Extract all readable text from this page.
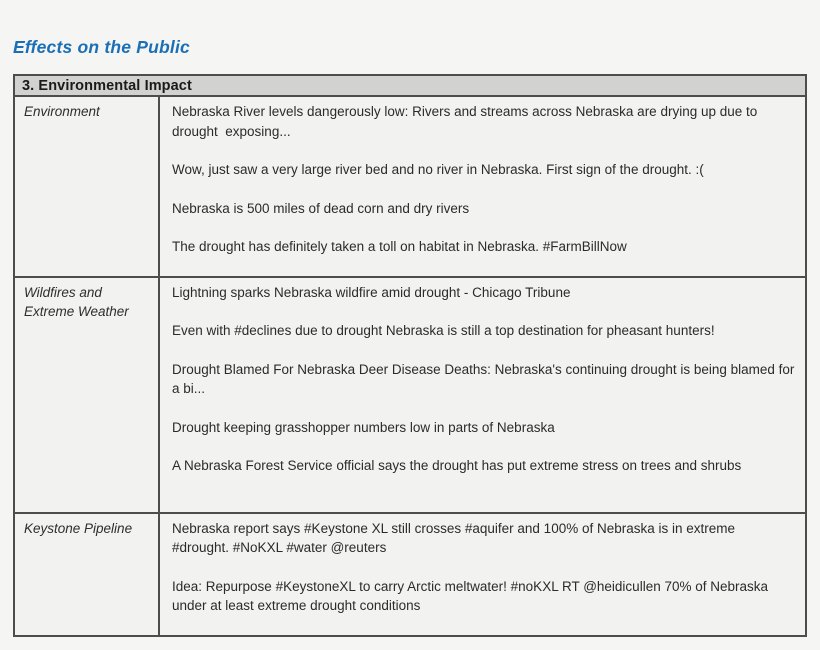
Effects on the Public
3. Environmental Impact
Environment	Nebraska River levels dangerously low: Rivers and streams across Nebraska are drying up due to drought  exposing...
Wow, just saw a very large river bed and no river in Nebraska. First sign of the drought. :(
Nebraska is 500 miles of dead corn and dry rivers
The drought has definitely taken a toll on habitat in Nebraska. #FarmBillNow
Wildfires and Extreme Weather
Lightning sparks Nebraska wildfire amid drought - Chicago Tribune
Even with #declines due to drought Nebraska is still a top destination for pheasant hunters!
Drought Blamed For Nebraska Deer Disease Deaths: Nebraska's continuing drought is being blamed for a bi...
Drought keeping grasshopper numbers low in parts of Nebraska
A Nebraska Forest Service official says the drought has put extreme stress on trees and shrubs
Keystone Pipeline	Nebraska report says #Keystone XL still crosses #aquifer and 100% of Nebraska is in extreme #drought. #NoKXL #water @reuters
Idea: Repurpose #KeystoneXL to carry Arctic meltwater! #noKXL RT @heidicullen 70% of Nebraska under at least extreme drought conditions
